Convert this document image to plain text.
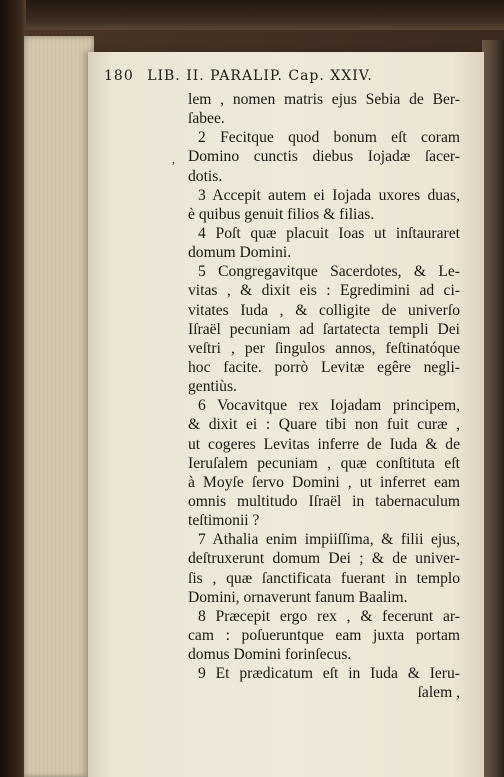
180 LIB. II. PARALIP. Cap. XXIV.
,
lem , nomen matris ejus Sebia de Ber-
ſabee.
2 Fecitque quod bonum eſt coram
Domino cunctis diebus Iojadæ ſacer-
dotis.
3 Accepit autem ei Iojada uxores duas,
è quibus genuit filios & filias.
4 Poſt quæ placuit Ioas ut inſtauraret
domum Domini.
5 Congregavitque Sacerdotes, & Le-
vitas , & dixit eis : Egredimini ad ci-
vitates Iuda , & colligite de univerſo
Iſraël pecuniam ad ſartatecta templi Dei
veſtri , per ſingulos annos, feſtinatóque
hoc facite. porrò Levitæ egêre negli-
gentiùs.
6 Vocavitque rex Iojadam principem,
& dixit ei : Quare tibi non fuit curæ ,
ut cogeres Levitas inferre de Iuda & de
Ieruſalem pecuniam , quæ conſtituta eſt
à Moyſe ſervo Domini , ut inferret eam
omnis multitudo Iſraël in tabernaculum
teſtimonii ?
7 Athalia enim impiiſſima, & filii ejus,
deſtruxerunt domum Dei ; & de univer-
ſis , quæ ſanctificata fuerant in templo
Domini, ornaverunt fanum Baalim.
8 Præcepit ergo rex , & fecerunt ar-
cam : poſueruntque eam juxta portam
domus Domini forinſecus.
9 Et prædicatum eſt in Iuda & Ieru-
ſalem ,
